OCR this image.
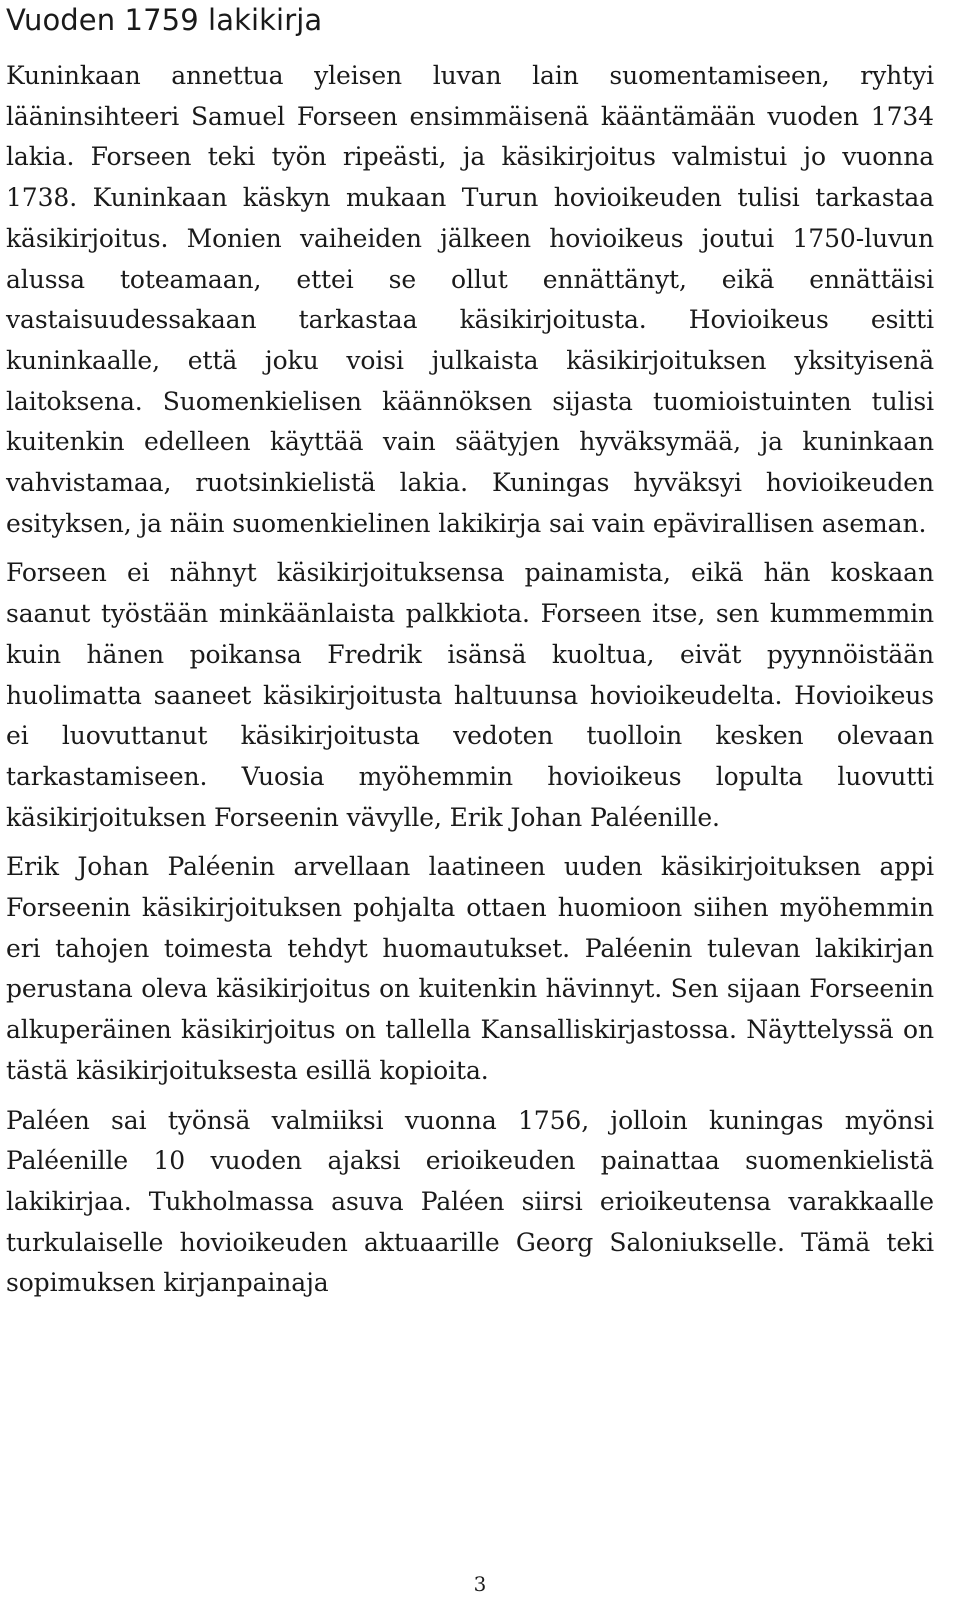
Vuoden 1759 lakikirja

Kuninkaan annettua yleisen luvan lain suomentamiseen, ryhtyi lääninsihteeri Samuel Forseen ensimmäisenä kääntämään vuoden 1734 lakia. Forseen teki työn ripeästi, ja käsikirjoitus valmistui jo vuonna 1738. Kuninkaan käskyn mukaan Turun hovioikeuden tulisi tarkastaa käsikirjoitus. Monien vaiheiden jälkeen hovioikeus joutui 1750-luvun alussa toteamaan, ettei se ollut ennättänyt, eikä ennättäisi vastaisuudessakaan tarkastaa käsikirjoitusta. Hovioikeus esitti kuninkaalle, että joku voisi julkaista käsikirjoituksen yksityisenä laitoksena. Suomenkielisen käännöksen sijasta tuomioistuinten tulisi kuitenkin edelleen käyttää vain säätyjen hyväksymää, ja kuninkaan vahvistamaa, ruotsinkielistä lakia. Kuningas hyväksyi hovioikeuden esityksen, ja näin suomenkielinen lakikirja sai vain epävirallisen aseman.

Forseen ei nähnyt käsikirjoituksensa painamista, eikä hän koskaan saanut työstään minkäänlaista palkkiota. Forseen itse, sen kummemmin kuin hänen poikansa Fredrik isänsä kuoltua, eivät pyynnöistään huolimatta saaneet käsikirjoitusta haltuunsa hovioikeudelta. Hovioikeus ei luovuttanut käsikirjoitusta vedoten tuolloin kesken olevaan tarkastamiseen. Vuosia myöhemmin hovioikeus lopulta luovutti käsikirjoituksen Forseenin vävylle, Erik Johan Paléenille.

Erik Johan Paléenin arvellaan laatineen uuden käsikirjoituksen appi Forseenin käsikirjoituksen pohjalta ottaen huomioon siihen myöhemmin eri tahojen toimesta tehdyt huomautukset. Paléenin tulevan lakikirjan perustana oleva käsikirjoitus on kuitenkin hävinnyt. Sen sijaan Forseenin alkuperäinen käsikirjoitus on tallella Kansalliskirjastossa. Näyttelyssä on tästä käsikirjoituksesta esillä kopioita.

Paléen sai työnsä valmiiksi vuonna 1756, jolloin kuningas myönsi Paléenille 10 vuoden ajaksi erioikeuden painattaa suomenkielistä lakikirjaa. Tukholmassa asuva Paléen siirsi erioikeutensa varakkaalle turkulaiselle hovioikeuden aktuaarille Georg Saloniukselle. Tämä teki sopimuksen kirjanpainaja

3
